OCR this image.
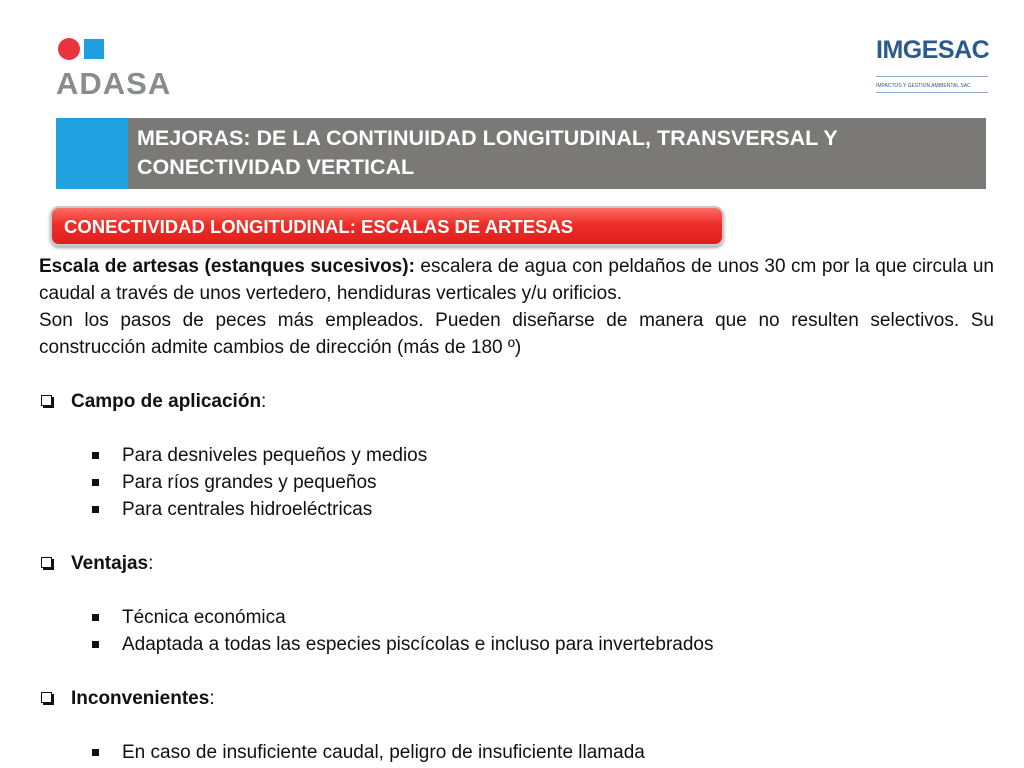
ADASA
IMGESAC
IMPACTOS Y GESTIÓN AMBIENTAL SAC
MEJORAS: DE LA CONTINUIDAD LONGITUDINAL, TRANSVERSAL Y
CONECTIVIDAD VERTICAL
CONECTIVIDAD LONGITUDINAL: ESCALAS DE ARTESAS

Escala de artesas (estanques sucesivos): escalera de agua con peldaños de unos 30 cm por la que circula un caudal a través de unos vertedero, hendiduras verticales y/u orificios.

Son los pasos de peces más empleados. Pueden diseñarse de manera que no resulten selectivos. Su construcción admite cambios de dirección (más de 180 º)

Campo de aplicación:
Para desniveles pequeños y medios
Para ríos grandes y pequeños
Para centrales hidroeléctricas
Ventajas:
Técnica económica
Adaptada a todas las especies piscícolas e incluso para invertebrados
Inconvenientes:
En caso de insuficiente caudal, peligro de insuficiente llamada
